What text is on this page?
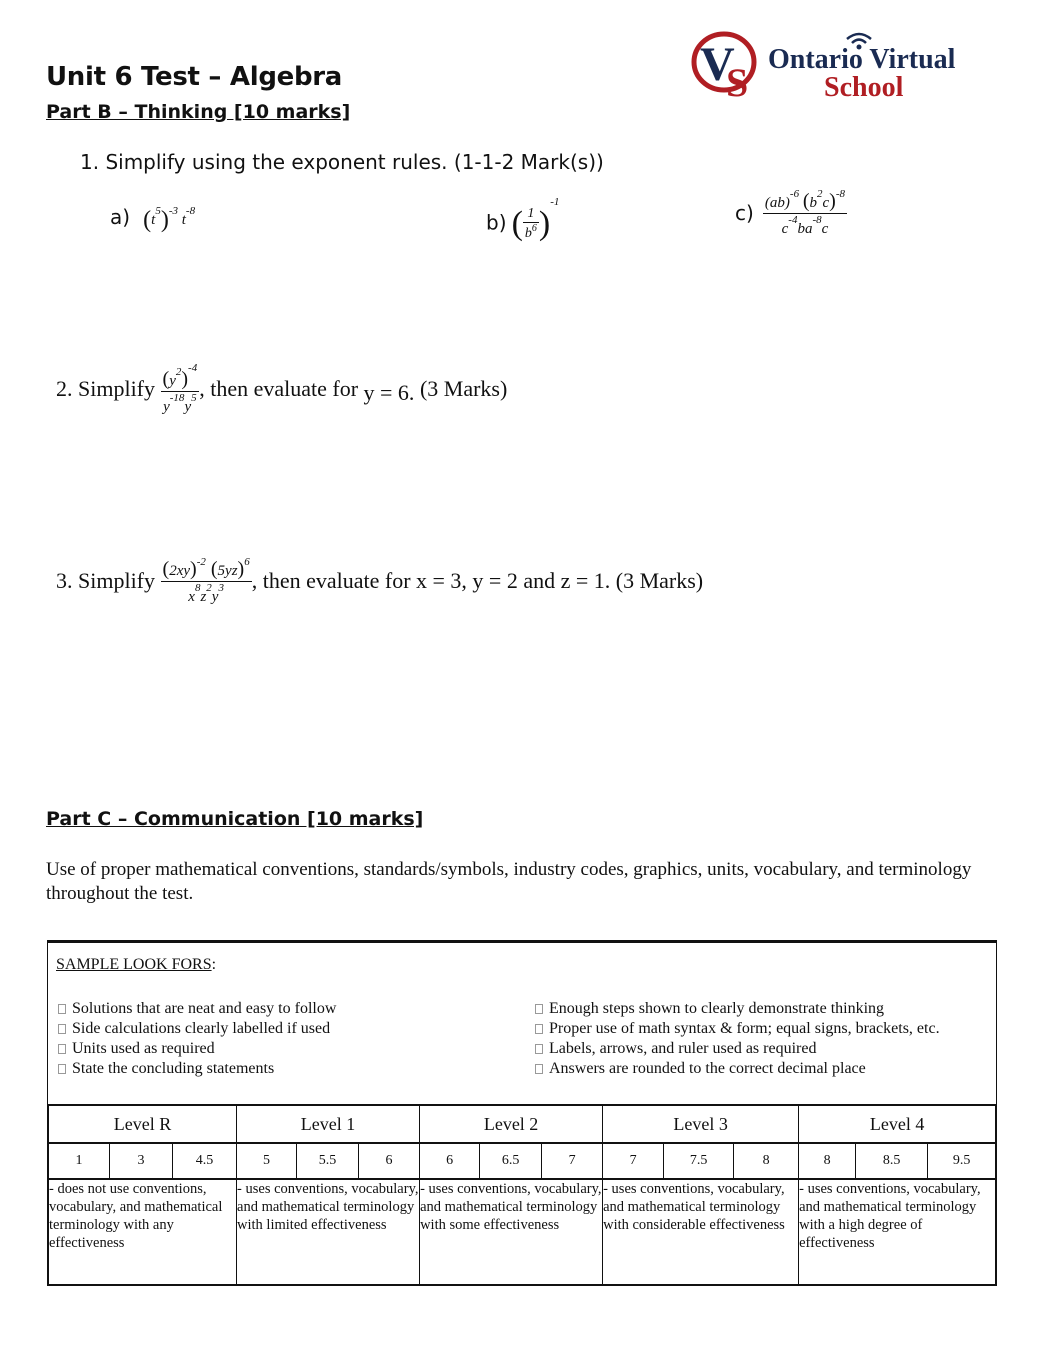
Unit 6 Test – Algebra
Part B – Thinking [10 marks]
V
S
Ontario Virtual
School
1. Simplify using the exponent rules. (1-1-2 Mark(s))
a) $(t^5)^{-3}$ $t^{-8}$	b) ( $\frac{1}{b^6} )^{-1}$	$c) \frac{(ab)^{-6} (b^2c)^{-8}}{c^{-4}ba^{-8}c}$
2. Simplify $\frac{(y^2)^{-4}}{y^{-18}y^5}$ , then evaluate for y = 6. (3 Marks)
3. Simplify $\frac{(2xy)^{-2} (5yz)^6}{x^8z^2y^3}$ , then evaluate for x = 3, y = 2 and z = 1. (3 Marks)
Part C – Communication [10 marks]
Use of proper mathematical conventions, standards/symbols, industry codes, graphics, units, vocabulary, and terminology throughout the test.
SAMPLE LOOK FORS:
Solutions that are neat and easy to follow
Side calculations clearly labelled if used
Units used as required
State the concluding statements
Enough steps shown to clearly demonstrate thinking
Proper use of math syntax & form; equal signs, brackets, etc.
Labels, arrows, and ruler used as required
Answers are rounded to the correct decimal place
Level R			Level 1			Level 2			Level 3			Level 4		
1	3	4.5	5	5.5	6	6	6.5	7	7	7.5	8	8	8.5	9.5
- does not use conventions, vocabulary, and mathematical terminology with any effectiveness			- uses conventions, vocabulary, and mathematical terminology with limited effectiveness			- uses conventions, vocabulary, and mathematical terminology with some effectiveness			- uses conventions, vocabulary, and mathematical terminology with considerable effectiveness			- uses conventions, vocabulary, and mathematical terminology with a high degree of effectiveness		
